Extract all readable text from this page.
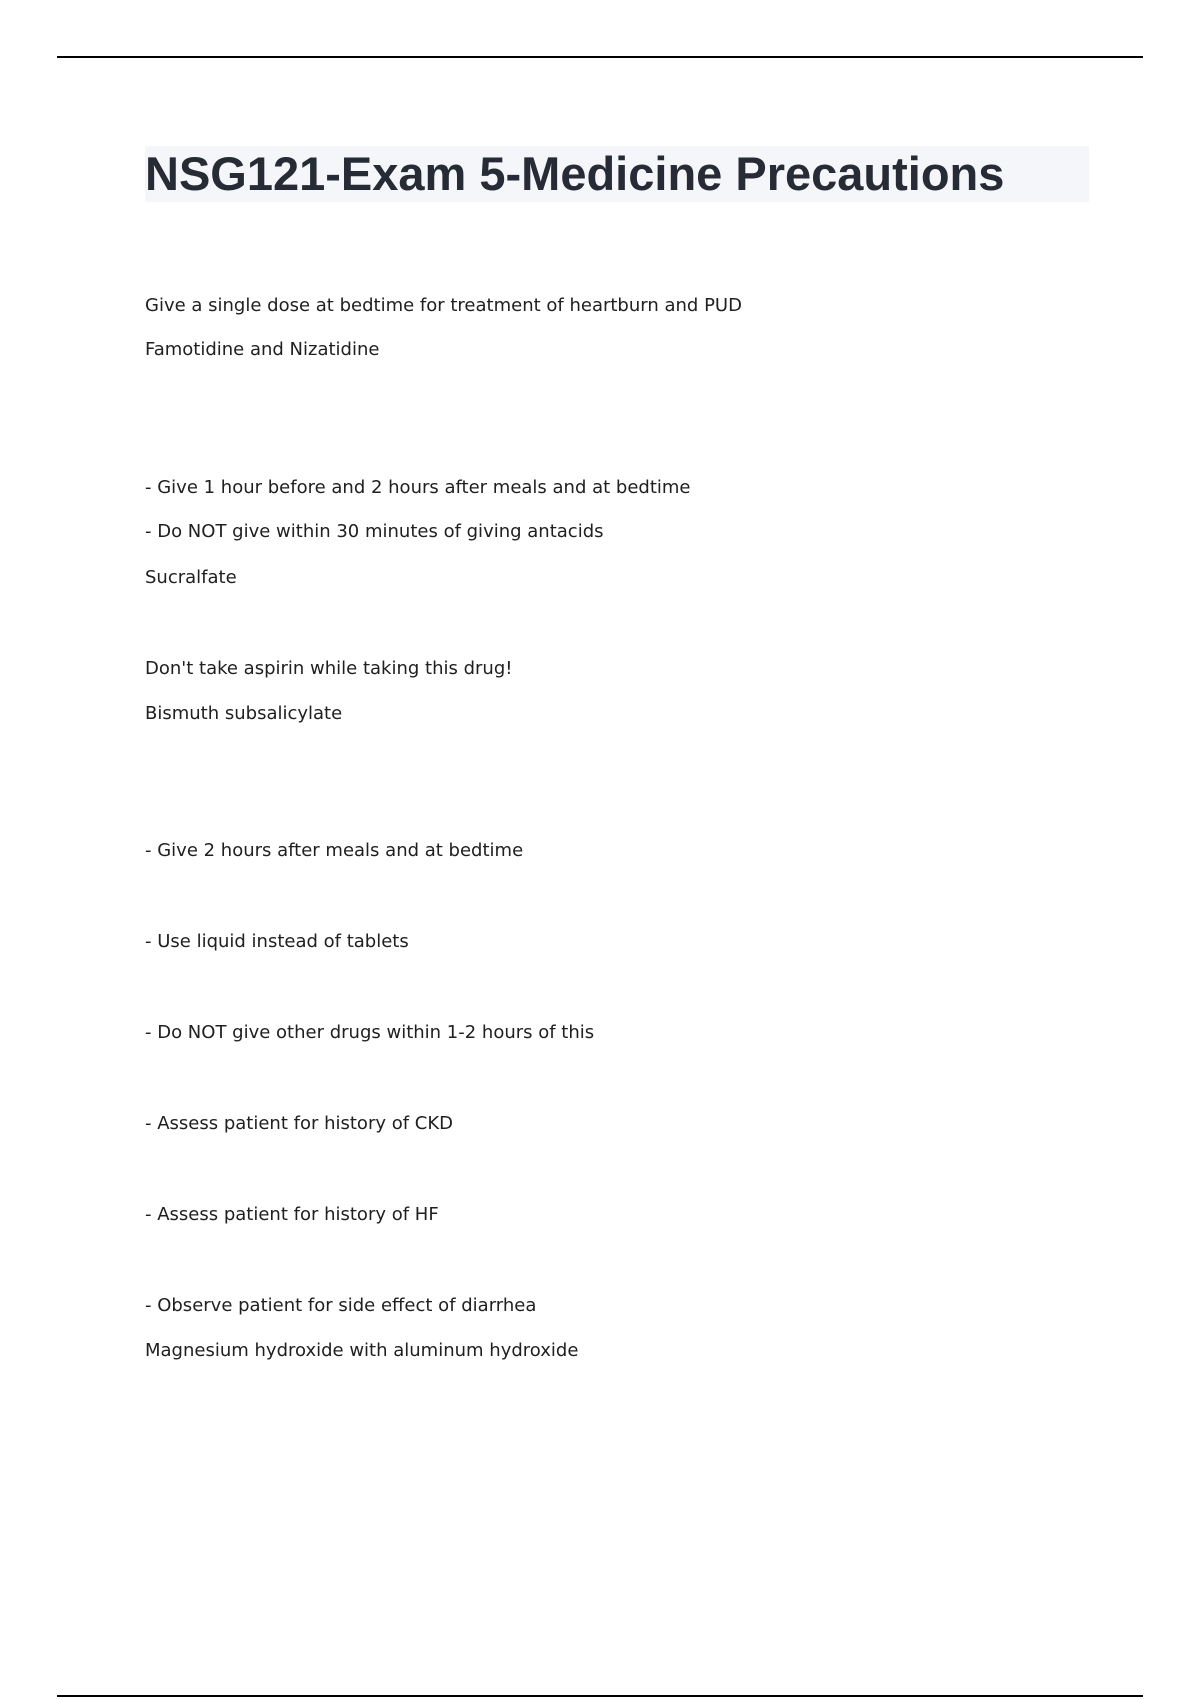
NSG121-Exam 5-Medicine Precautions

Give a single dose at bedtime for treatment of heartburn and PUD

Famotidine and Nizatidine

- Give 1 hour before and 2 hours after meals and at bedtime

- Do NOT give within 30 minutes of giving antacids

Sucralfate

Don't take aspirin while taking this drug!

Bismuth subsalicylate

- Give 2 hours after meals and at bedtime

- Use liquid instead of tablets

- Do NOT give other drugs within 1-2 hours of this

- Assess patient for history of CKD

- Assess patient for history of HF

- Observe patient for side effect of diarrhea

Magnesium hydroxide with aluminum hydroxide
